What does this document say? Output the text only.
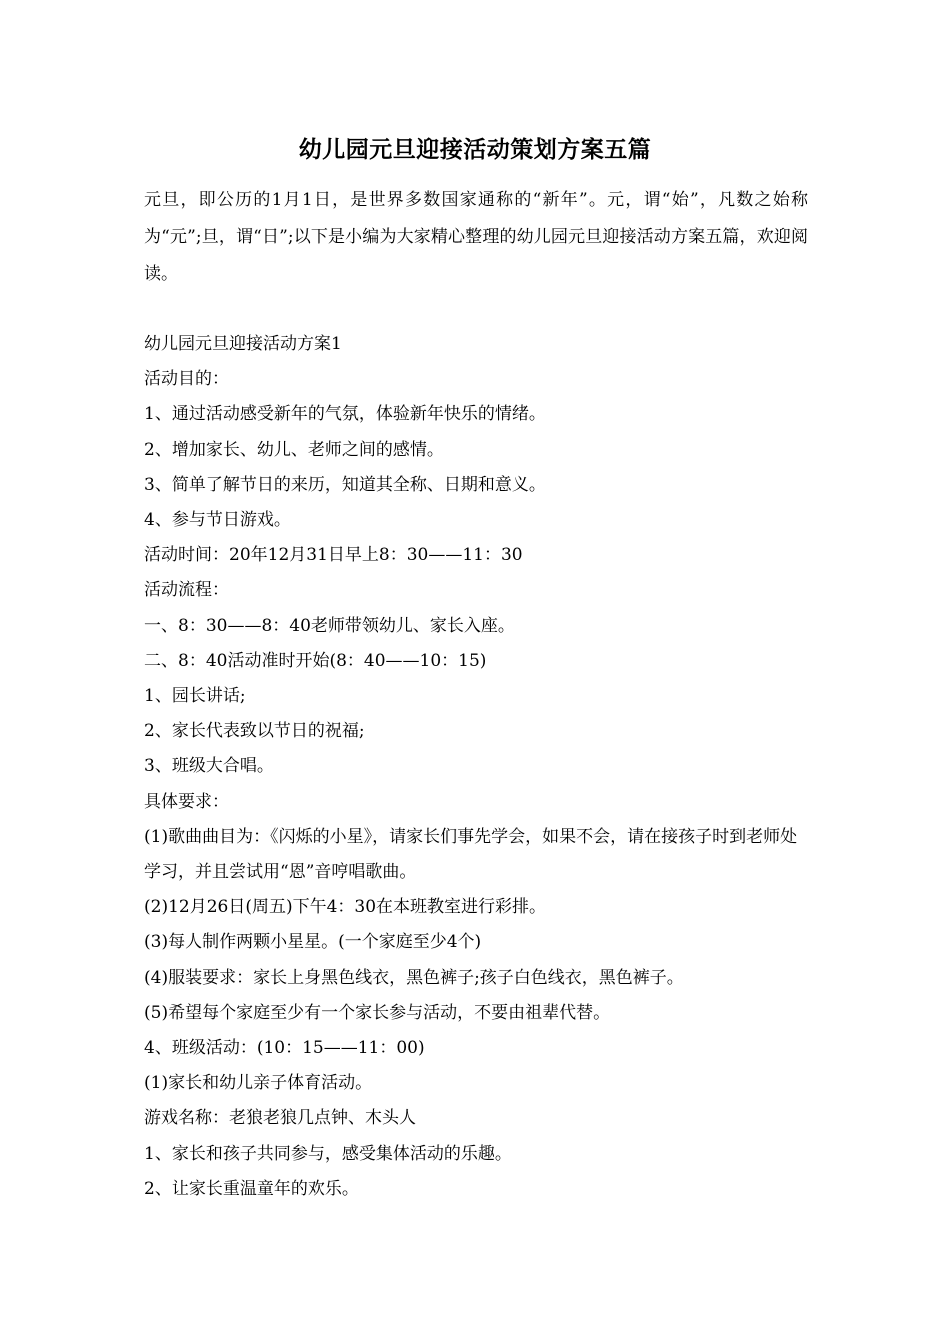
幼儿园元旦迎接活动策划方案五篇

元旦，即公历的1月1日，是世界多数国家通称的“新年”。元，谓“始”，凡数之始称为“元”;旦，谓“日”;以下是小编为大家精心整理的幼儿园元旦迎接活动方案五篇，欢迎阅读。

幼儿园元旦迎接活动方案1
活动目的：
1、通过活动感受新年的气氛，体验新年快乐的情绪。
2、增加家长、幼儿、老师之间的感情。
3、简单了解节日的来历，知道其全称、日期和意义。
4、参与节日游戏。
活动时间：20年12月31日早上8：30——11：30
活动流程：
一、8：30——8：40老师带领幼儿、家长入座。
二、8：40活动准时开始(8：40——10：15)
1、园长讲话;
2、家长代表致以节日的祝福;
3、班级大合唱。
具体要求：
(1)歌曲曲目为：《闪烁的小星》，请家长们事先学会，如果不会，请在接孩子时到老师处学习，并且尝试用“恩”音哼唱歌曲。
(2)12月26日(周五)下午4：30在本班教室进行彩排。
(3)每人制作两颗小星星。(一个家庭至少4个)
(4)服装要求：家长上身黑色线衣，黑色裤子;孩子白色线衣，黑色裤子。
(5)希望每个家庭至少有一个家长参与活动，不要由祖辈代替。
4、班级活动：(10：15——11：00)
(1)家长和幼儿亲子体育活动。
游戏名称：老狼老狼几点钟、木头人
1、家长和孩子共同参与，感受集体活动的乐趣。
2、让家长重温童年的欢乐。
